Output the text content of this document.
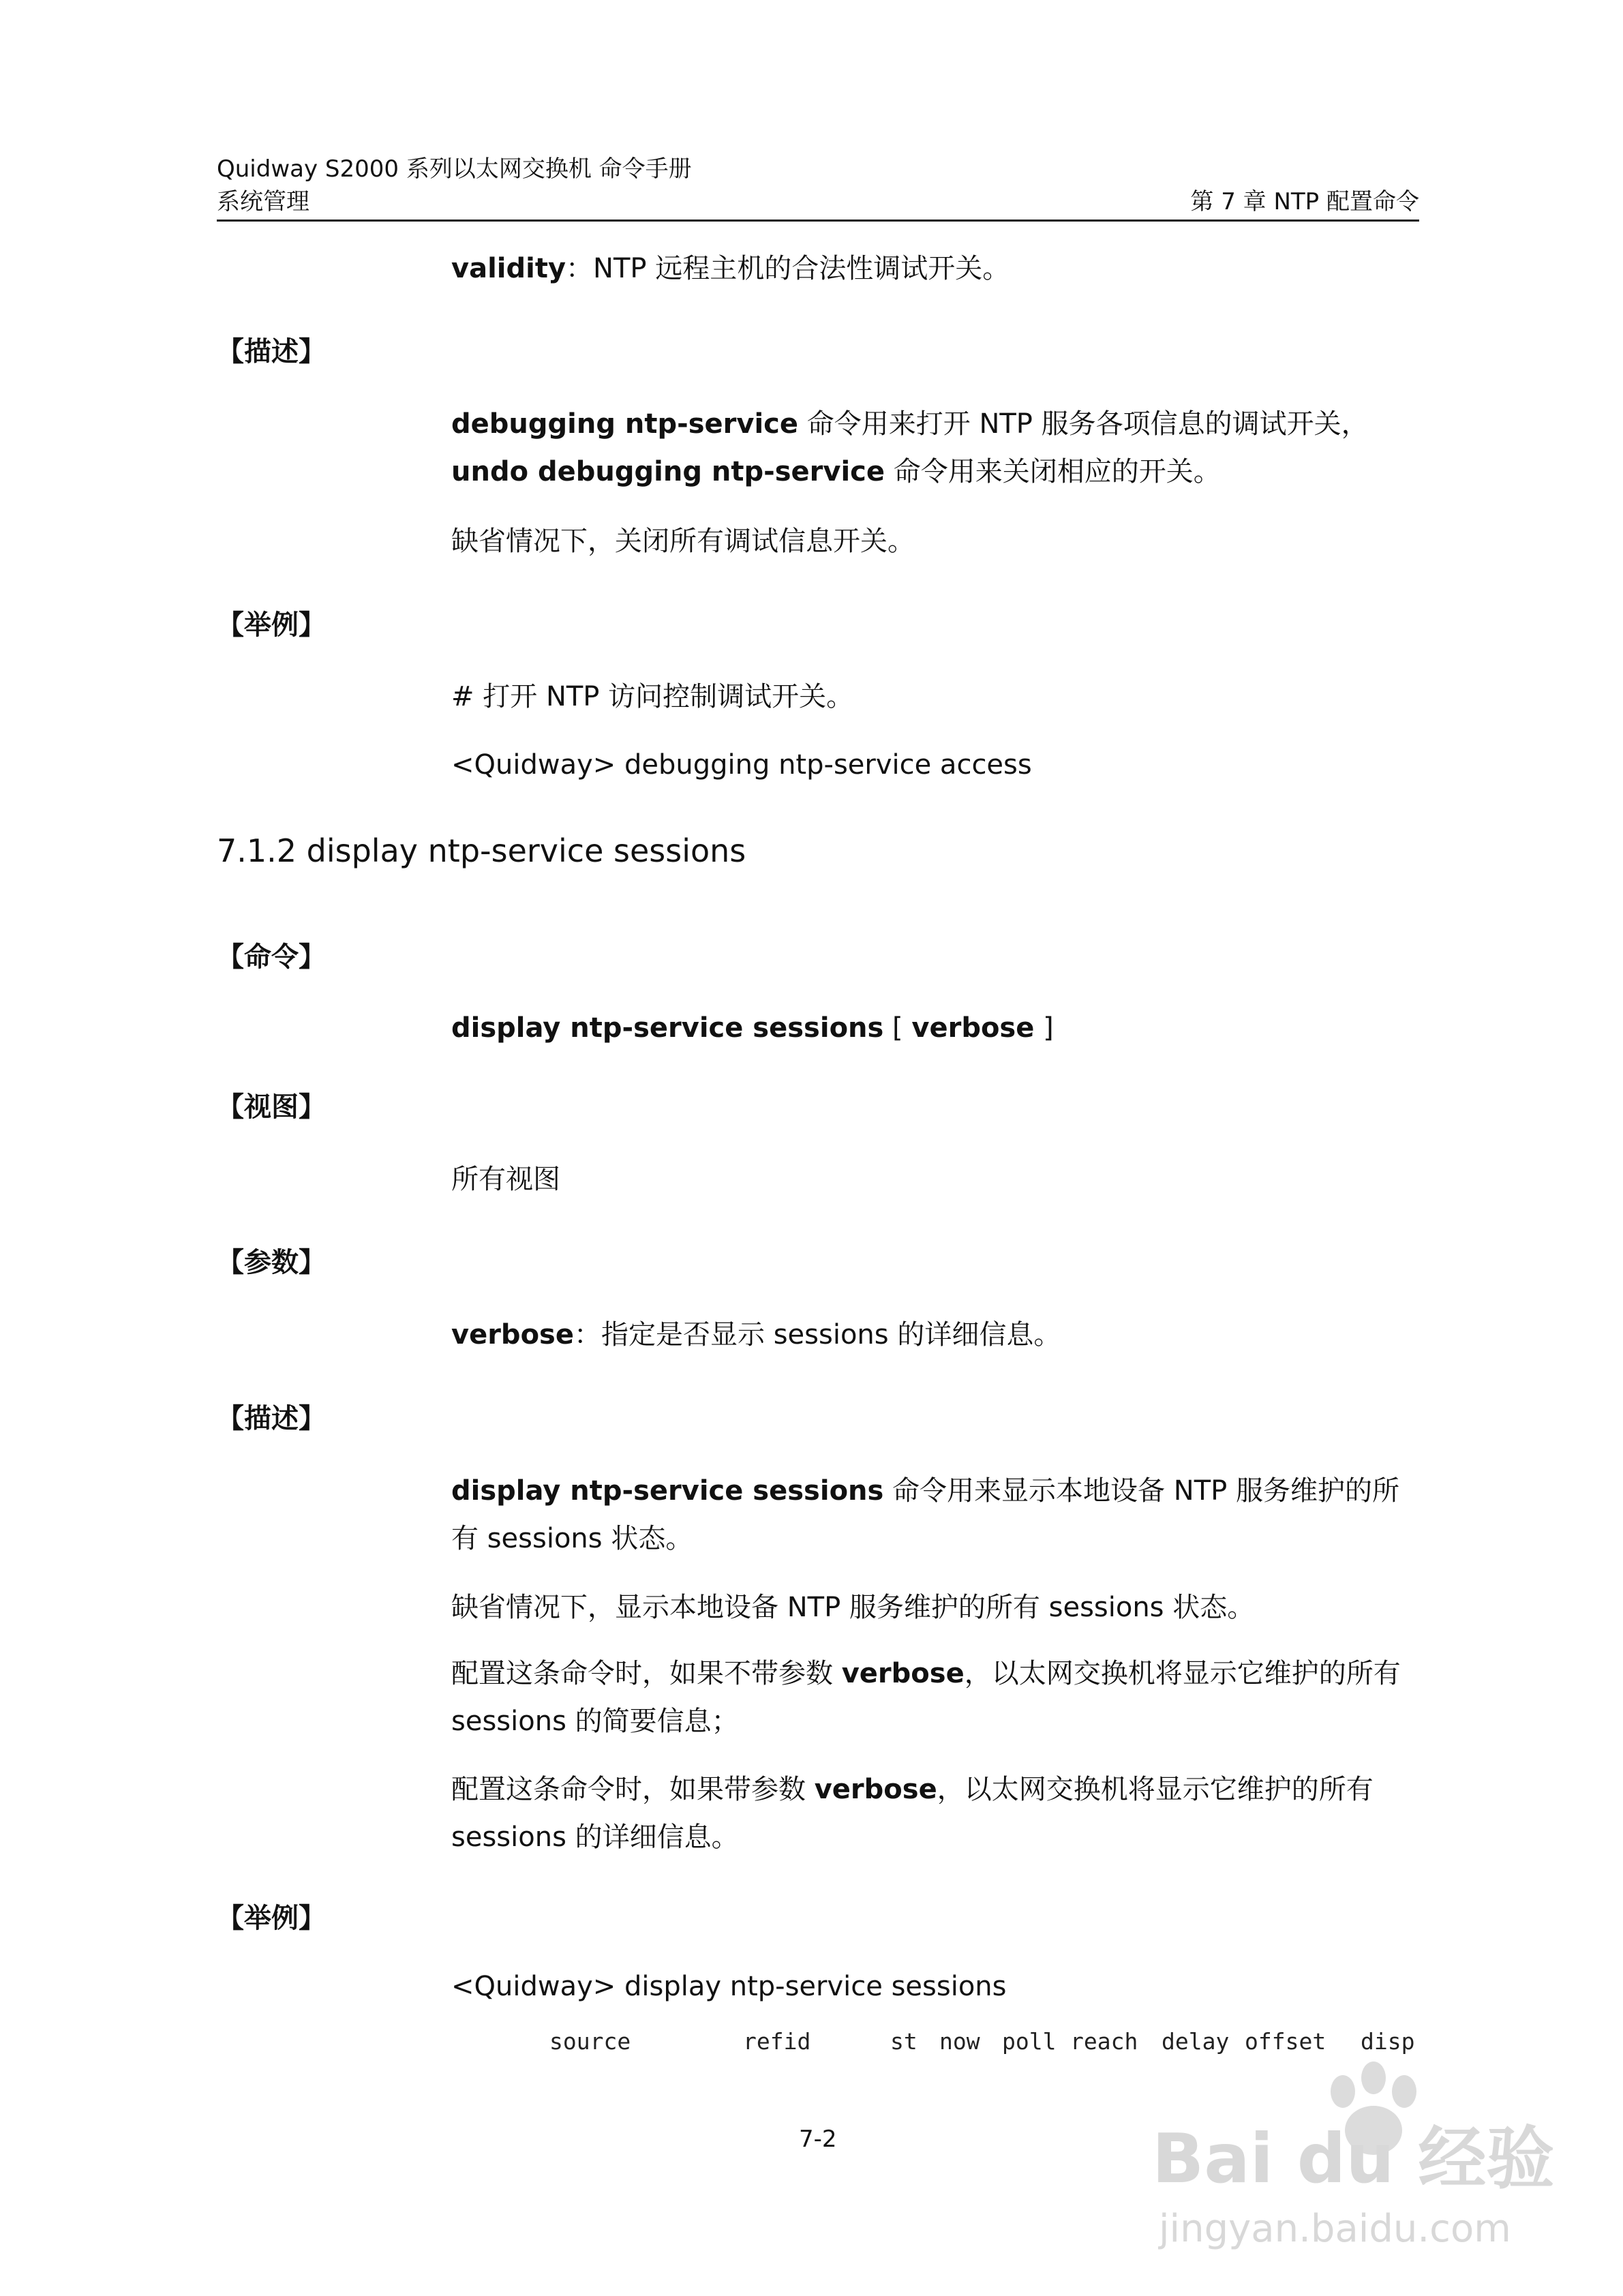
Quidway S2000 系列以太网交换机 命令手册
系统管理	第 7 章 NTP 配置命令
validity：NTP 远程主机的合法性调试开关。
【描述】
debugging ntp-service 命令用来打开 NTP 服务各项信息的调试开关，undo debugging ntp-service 命令用来关闭相应的开关。
缺省情况下，关闭所有调试信息开关。
【举例】
# 打开 NTP 访问控制调试开关。
<Quidway> debugging ntp-service access
7.1.2 display ntp-service sessions
【命令】
display ntp-service sessions [ verbose ]
【视图】
所有视图
【参数】
verbose：指定是否显示 sessions 的详细信息。
【描述】
display ntp-service sessions 命令用来显示本地设备 NTP 服务维护的所有 sessions 状态。
缺省情况下，显示本地设备 NTP 服务维护的所有 sessions 状态。
配置这条命令时，如果不带参数 verbose，以太网交换机将显示它维护的所有 sessions 的简要信息；
配置这条命令时，如果带参数 verbose，以太网交换机将显示它维护的所有 sessions 的详细信息。
【举例】
<Quidway> display ntp-service sessions
source	refid	st now poll reach delay offset disp
7-2	Bai du 经验
jingyan.baidu.com
